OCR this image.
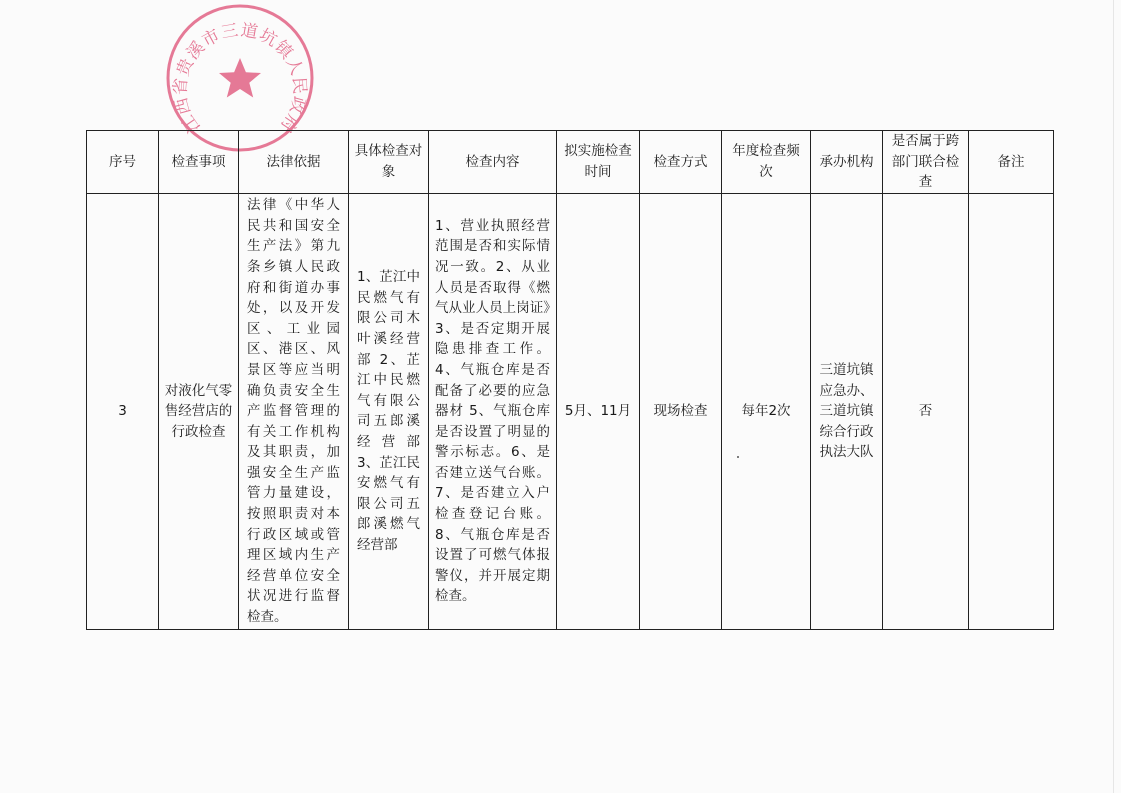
江西省贵溪市三道坑镇人民政府
序号	检查事项	法律依据	具体检查对象	检查内容	拟实施检查时间	检查方式	年度检查频次	承办机构	是否属于跨部门联合检查	备注
3	对液化气零售经营店的行政检查	法律《中华人民共和国安全生产法》第九条乡镇人民政府和街道办事处，以及开发区、工业园区、港区、风景区等应当明确负责安全生产监督管理的有关工作机构及其职责，加强安全生产监管力量建设，按照职责对本行政区域或管理区域内生产经营单位安全状况进行监督检查。	1、芷江中民燃气有限公司木叶溪经营部 2、芷江中民燃气有限公司五郎溪经营部 3、芷江民安燃气有限公司五郎溪燃气经营部	1、营业执照经营范围是否和实际情况一致。2、从业人员是否取得《燃气从业人员上岗证》3、是否定期开展隐患排查工作。4、气瓶仓库是否配备了必要的应急器材 5、气瓶仓库是否设置了明显的警示标志。6、是否建立送气台账。7、是否建立入户检查登记台账。8、气瓶仓库是否设置了可燃气体报警仪，并开展定期检查。	5月、11月	现场检查	每年2次	三道坑镇应急办、三道坑镇综合行政执法大队	否	
